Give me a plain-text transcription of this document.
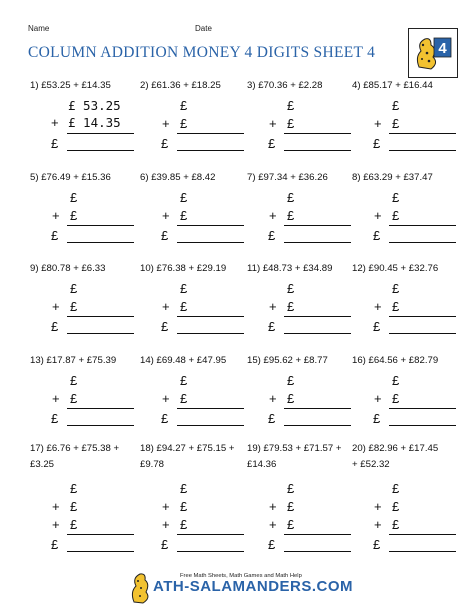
Name	Date
COLUMN ADDITION MONEY 4 DIGITS SHEET 4	4
1) £53.25 + £14.35
£ 53.25
+ £ 14.35
£
2) £61.36 + £18.25
£
+ £
£
3) £70.36 + £2.28
£
+ £
£
4) £85.17 + £16.44
£
+ £
£
5) £76.49 + £15.36
£
+ £
£
6) £39.85 + £8.42
£
+ £
£
7) £97.34 + £36.26
£
+ £
£
8) £63.29 + £37.47
£
+ £
£
9) £80.78 + £6.33
£
+ £
£
10) £76.38 + £29.19
£
+ £
£
11) £48.73 + £34.89
£
+ £
£
12) £90.45 + £32.76
£
+ £
£
13) £17.87 + £75.39
£
+ £
£
14) £69.48 + £47.95
£
+ £
£
15) £95.62 + £8.77
£
+ £
£
16) £64.56 + £82.79
£
+ £
£
17) £6.76 + £75.38 +
£3.25
£
+ £
+ £
£
18) £94.27 + £75.15 +
£9.78
£
+ £
+ £
£
19) £79.53 + £71.57 +
£14.36
£
+ £
+ £
£
20) £82.96 + £17.45
+ £52.32
£
+ £
+ £
£
Free Math Sheets, Math Games and Math Help
ATH-SALAMANDERS.COM
